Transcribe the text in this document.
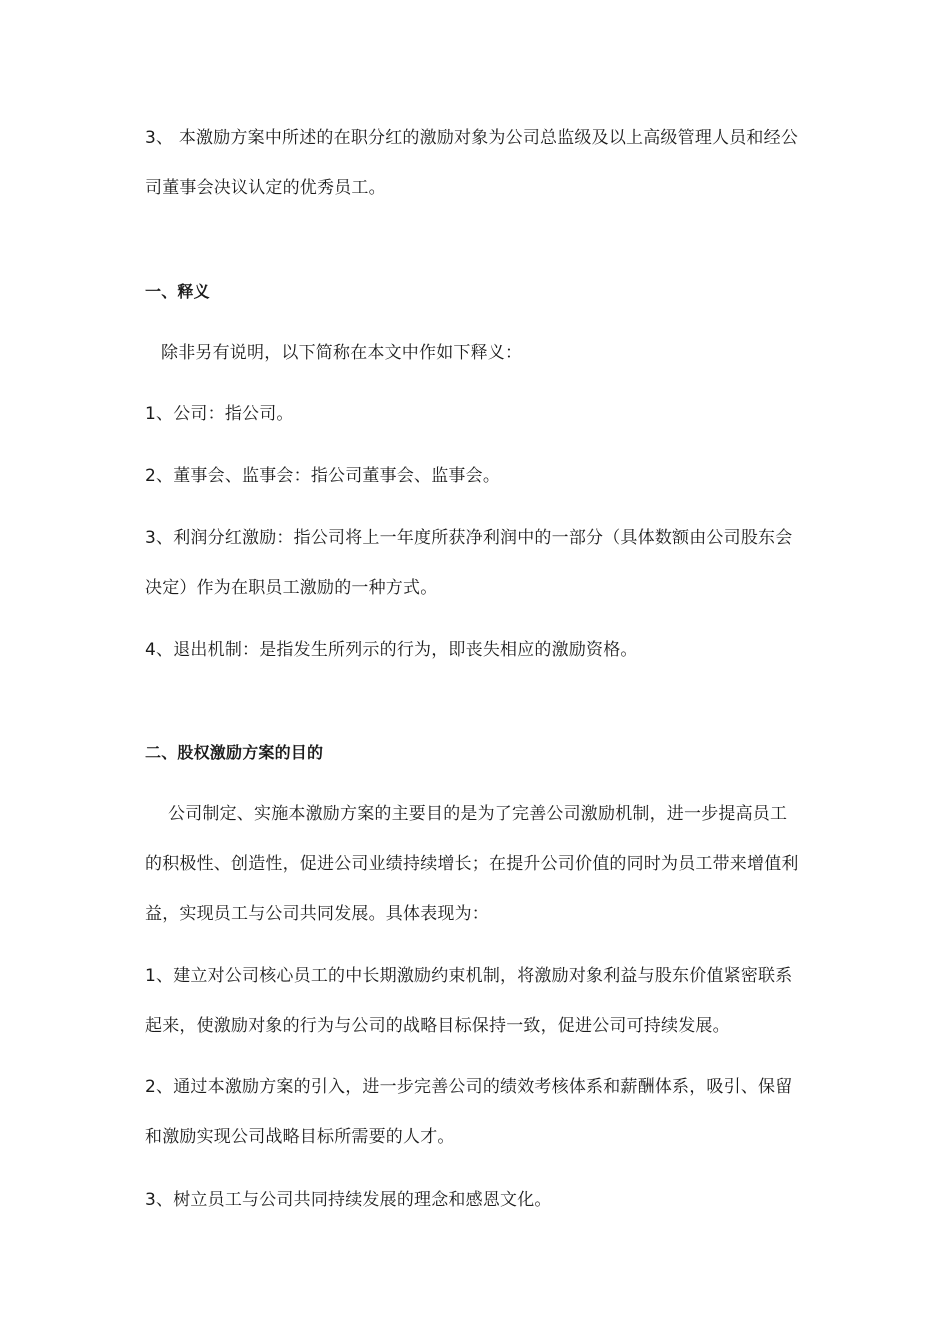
3、 本激励方案中所述的在职分红的激励对象为公司总监级及以上高级管理人员和经公
司董事会决议认定的优秀员工。
一、释义
除非另有说明，以下简称在本文中作如下释义：
1、公司：指公司。
2、董事会、监事会：指公司董事会、监事会。
3、利润分红激励：指公司将上一年度所获净利润中的一部分（具体数额由公司股东会
决定）作为在职员工激励的一种方式。
4、退出机制：是指发生所列示的行为，即丧失相应的激励资格。
二、股权激励方案的目的
公司制定、实施本激励方案的主要目的是为了完善公司激励机制，进一步提高员工
的积极性、创造性，促进公司业绩持续增长；在提升公司价值的同时为员工带来增值利
益，实现员工与公司共同发展。具体表现为：
1、建立对公司核心员工的中长期激励约束机制，将激励对象利益与股东价值紧密联系
起来，使激励对象的行为与公司的战略目标保持一致，促进公司可持续发展。
2、通过本激励方案的引入，进一步完善公司的绩效考核体系和薪酬体系，吸引、保留
和激励实现公司战略目标所需要的人才。
3、树立员工与公司共同持续发展的理念和感恩文化。
